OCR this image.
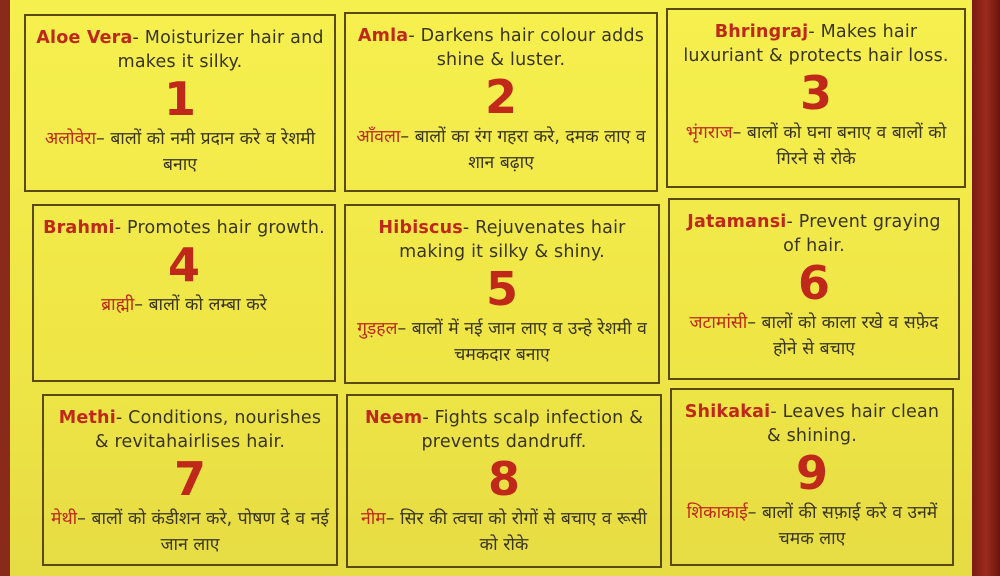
Aloe Vera- Moisturizer hair and makes it silky.
1
अलोवेरा– बालों को नमी प्रदान करे व रेशमी बनाए
Amla- Darkens hair colour adds shine & luster.
2
आँवला– बालों का रंग गहरा करे, दमक लाए व शान बढ़ाए
Bhringraj- Makes hair luxuriant & protects hair loss.
3
भृंगराज– बालों को घना बनाए व बालों को गिरने से रोके
Brahmi- Promotes hair growth.
4
ब्राह्मी– बालों को लम्बा करे
Hibiscus- Rejuvenates hair making it silky & shiny.
5
गुड़हल– बालों में नई जान लाए व उन्हे रेशमी व चमकदार बनाए
Jatamansi- Prevent graying of hair.
6
जटामांसी– बालों को काला रखे व सफ़ेद होने से बचाए
Methi- Conditions, nourishes & revitahairlises hair.
7
मेथी– बालों को कंडीशन करे, पोषण दे व नई जान लाए
Neem- Fights scalp infection & prevents dandruff.
8
नीम– सिर की त्वचा को रोगों से बचाए व रूसी को रोके
Shikakai- Leaves hair clean & shining.
9
शिकाकाई– बालों की सफ़ाई करे व उनमें चमक लाए
